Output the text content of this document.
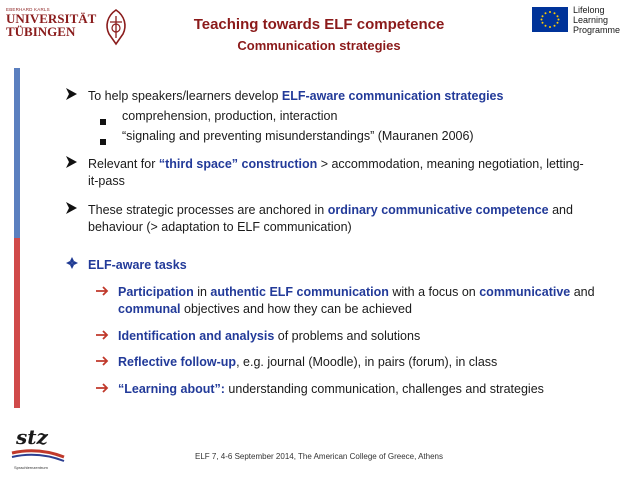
EBERHARD KARLS
UNIVERSITÄT
TÜBINGEN	Teaching towards ELF competence
Communication strategies
Lifelong
Learning
Programme
To help speakers/learners develop ELF-aware communication strategies
comprehension, production, interaction
“signaling and preventing misunderstandings” (Mauranen 2006)
Relevant for “third space” construction > accommodation, meaning negotiation, letting-
it-pass
These strategic processes are anchored in ordinary communicative competence and
behaviour (> adaptation to ELF communication)
ELF-aware tasks
Participation in authentic ELF communication with a focus on communicative and
communal objectives and how they can be achieved
Identification and analysis of problems and solutions
Reflective follow-up, e.g. journal (Moodle), in pairs (forum), in class
“Learning about”: understanding communication, challenges and strategies
stz
Sprachlernzentrum
ELF 7, 4-6 September 2014, The American College of Greece, Athens
